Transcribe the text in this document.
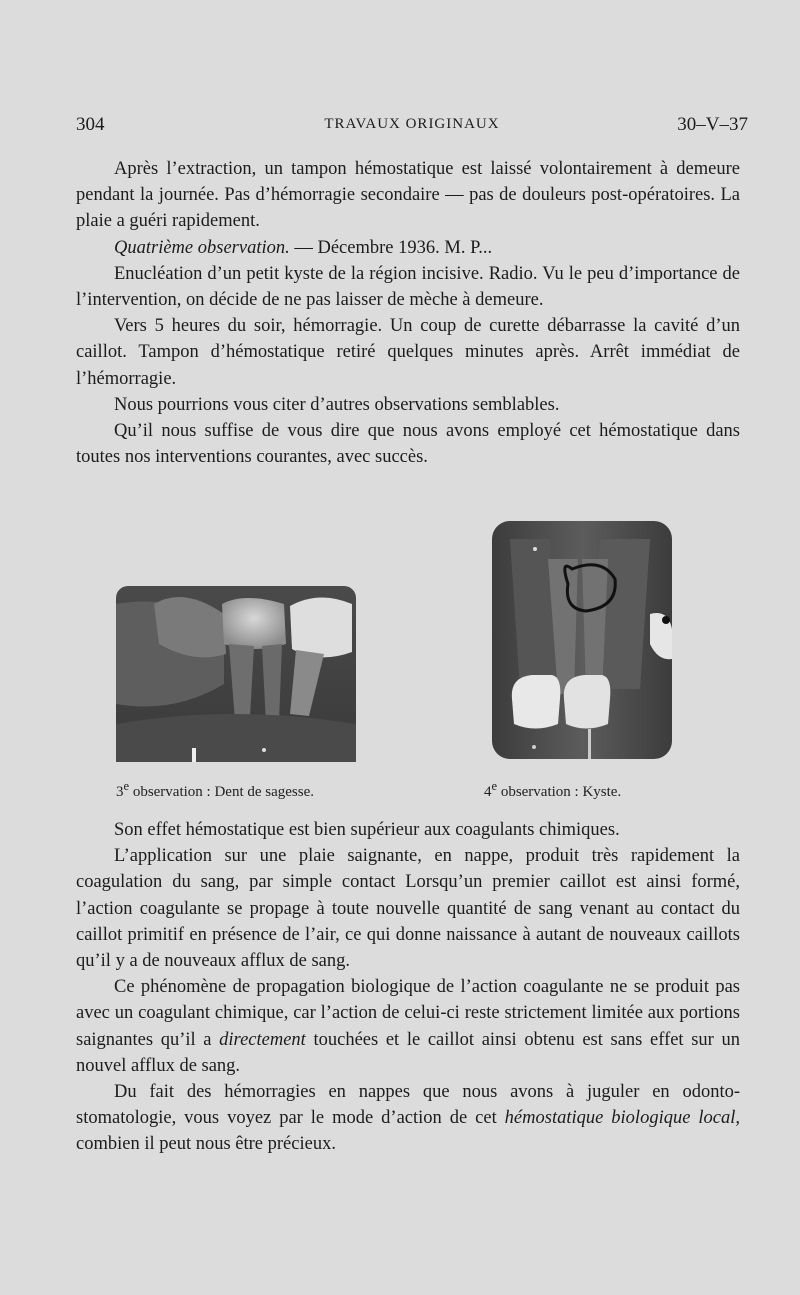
304	TRAVAUX ORIGINAUX	30–V–37

Après l’extraction, un tampon hémostatique est laissé volontairement à demeure pendant la journée. Pas d’hémorragie secondaire — pas de douleurs post-opératoires. La plaie a guéri rapidement.

Quatrième observation. — Décembre 1936. M. P...

Enucléation d’un petit kyste de la région incisive. Radio. Vu le peu d’importance de l’intervention, on décide de ne pas laisser de mèche à demeure.

Vers 5 heures du soir, hémorragie. Un coup de curette débarrasse la cavité d’un caillot. Tampon d’hémostatique retiré quelques minutes après. Arrêt immédiat de l’hémorragie.

Nous pourrions vous citer d’autres observations semblables.

Qu’il nous suffise de vous dire que nous avons employé cet hémostatique dans toutes nos interventions courantes, avec succès.

3e observation : Dent de sagesse.	4e observation : Kyste.

Son effet hémostatique est bien supérieur aux coagulants chimiques.

L’application sur une plaie saignante, en nappe, produit très rapidement la coagulation du sang, par simple contact Lorsqu’un premier caillot est ainsi formé, l’action coagulante se propage à toute nouvelle quantité de sang venant au contact du caillot primitif en présence de l’air, ce qui donne naissance à autant de nouveaux caillots qu’il y a de nouveaux afflux de sang.

Ce phénomène de propagation biologique de l’action coagulante ne se produit pas avec un coagulant chimique, car l’action de celui-ci reste strictement limitée aux portions saignantes qu’il a directement touchées et le caillot ainsi obtenu est sans effet sur un nouvel afflux de sang.

Du fait des hémorragies en nappes que nous avons à juguler en odonto-stomatologie, vous voyez par le mode d’action de cet hémostatique biologique local, combien il peut nous être précieux.
